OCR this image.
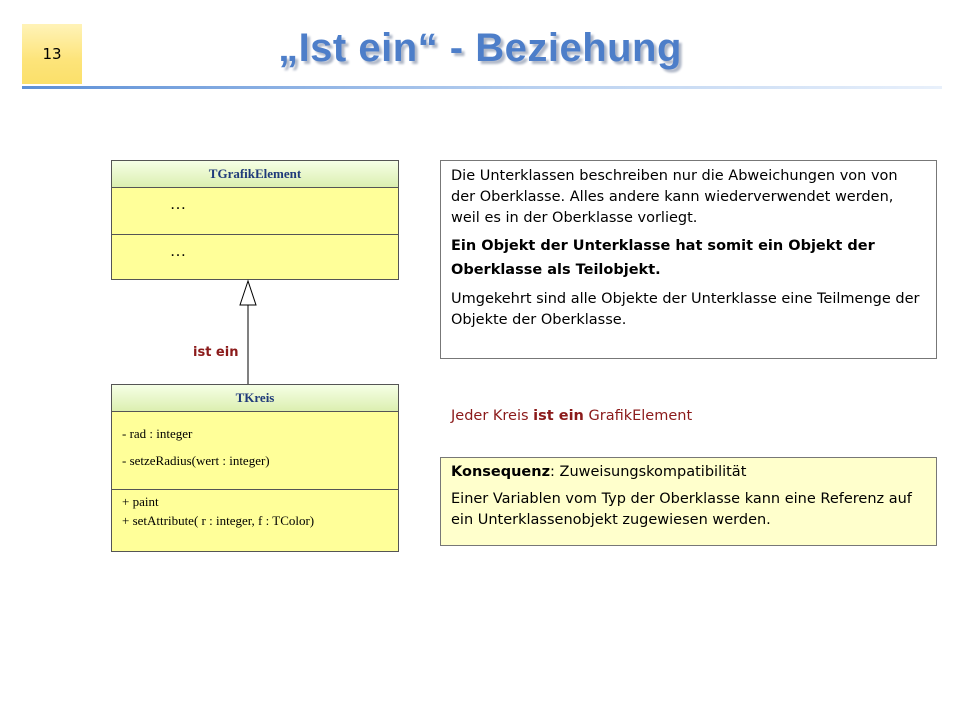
13	„Ist ein“ - Beziehung
TGrafikElement
…
…
ist ein
TKreis
- rad : integer
- setzeRadius(wert : integer)
+ paint
+ setAttribute( r : integer, f : TColor)

Die Unterklassen beschreiben nur die Abweichungen von von der Oberklasse. Alles andere kann wiederverwendet werden, weil es in der Oberklasse vorliegt.

Ein Objekt der Unterklasse hat somit ein Objekt der Oberklasse als Teilobjekt.

Umgekehrt sind alle Objekte der Unterklasse eine Teilmenge der Objekte der Oberklasse.

Jeder Kreis ist ein GrafikElement

Konsequenz: Zuweisungskompatibilität

Einer Variablen vom Typ der Oberklasse kann eine Referenz auf ein Unterklassenobjekt zugewiesen werden.
